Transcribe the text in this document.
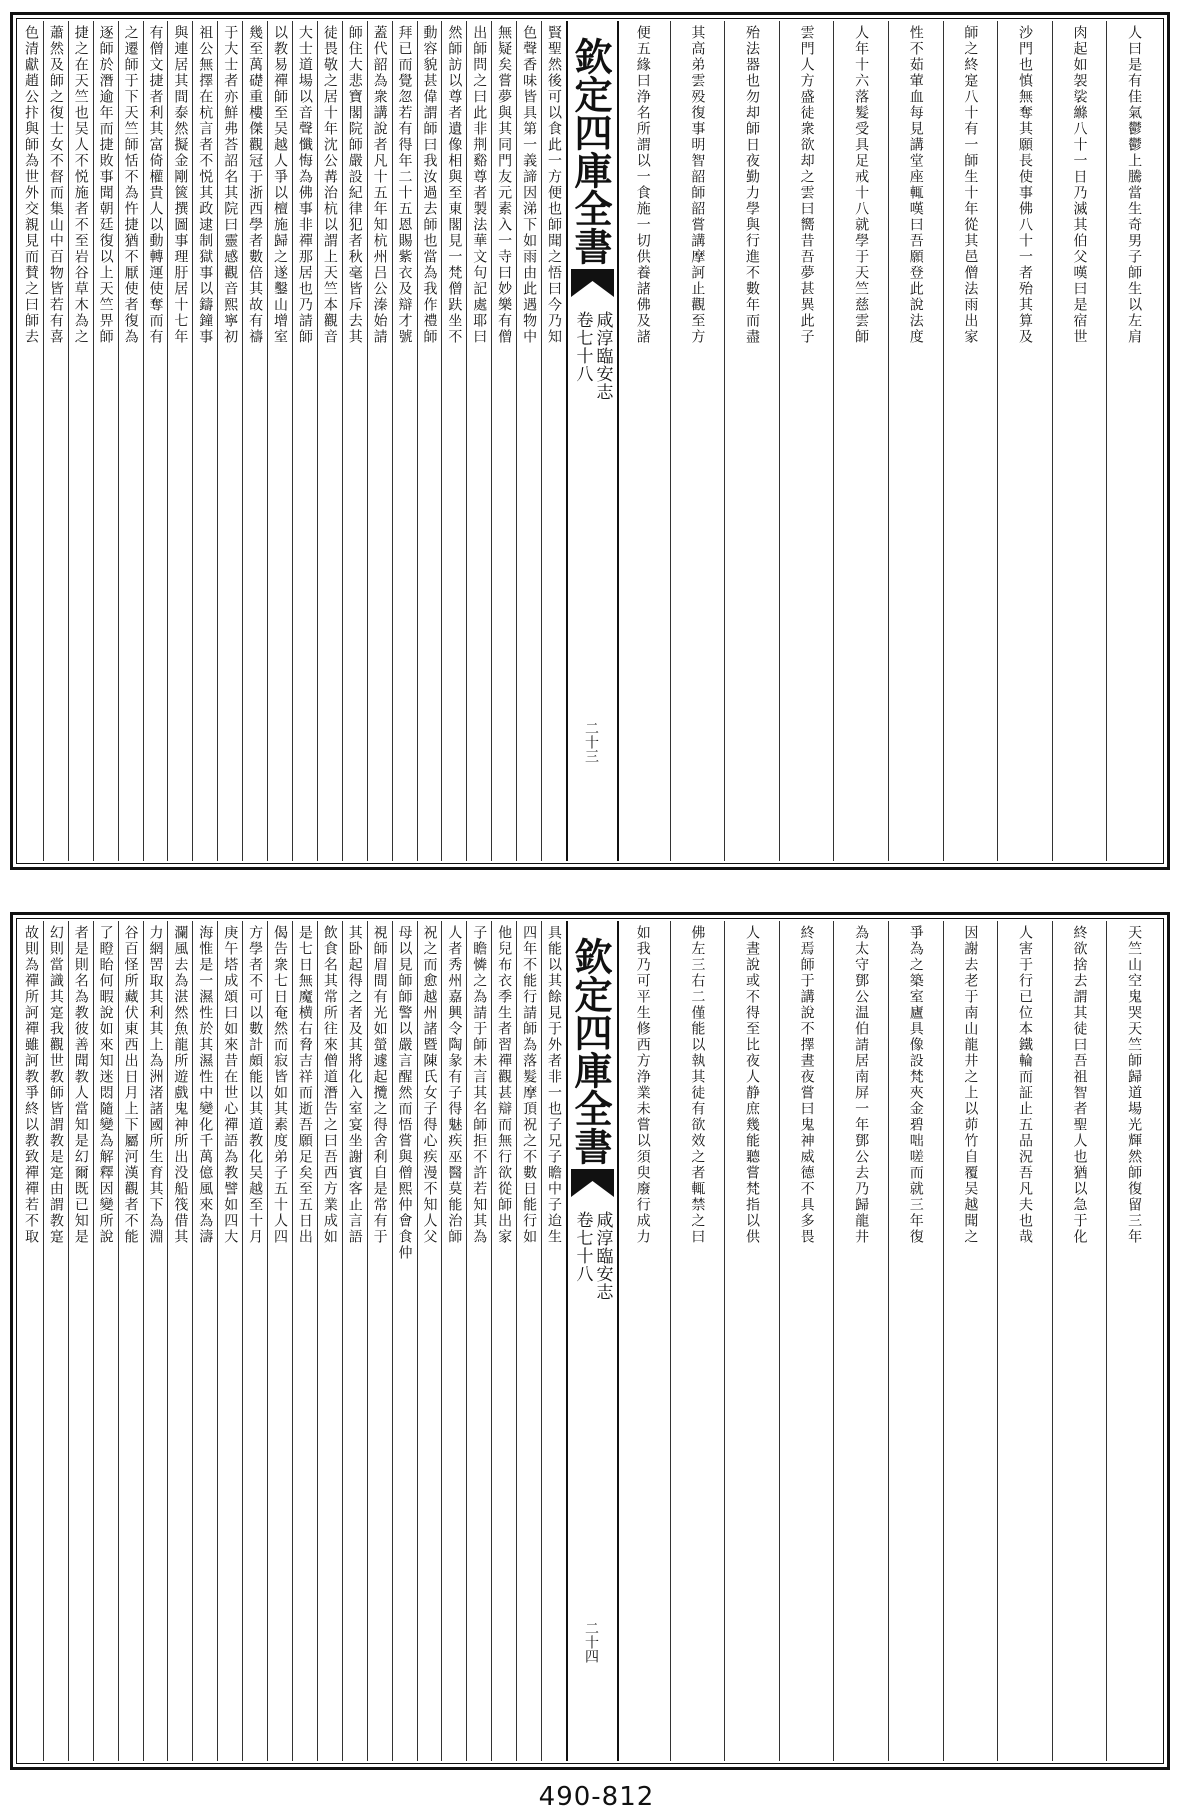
色清獻趙公抃與師為世外交親見而賛之曰師去 蕭然及師之復士女不督而集山中百物皆若有喜 捷之在天竺也吴人不悦施者不至岩谷草木為之 逐師於潛逾年而捷敗事聞朝廷復以上天竺畀師 之遷師于下天竺師恬不為忤捷猶不厭使者復為 有僧文捷者利其富倚權貴人以動轉運使奪而有 與連居其間泰然擬金剛篋撰圖事理䏏居十七年 祖公無擇在杭言者不悦其政逮制獄事以鑄鐘事 于大士者亦鮮弗荅詔名其院曰靈感觀音熙寧初 幾至萬礎重樓傑觀冠于浙西學者數倍其故有禱 以教易禪師至吴越人爭以檀施歸之遂鑿山增室 大士道場以音聲懺悔為佛事非禪那居也乃請師 徒畏敬之居十年沈公冓治杭以謂上天竺本觀音 師住大悲寶閣院師嚴設紀律犯者秋毫皆斥去其 蓋代韶為衆講說者凡十五年知杭州吕公溱始請 拜已而覺忽若有得年二十五恩賜紫衣及辯才號 動容貌甚偉謂師曰我汝過去師也當為我作禮師 然師訪以尊者遺像相與至東閣見一梵僧趺坐不 出師問之曰此非荆谿尊者製法華文句記處耶曰 無疑矣嘗夢與其同門友元素入一寺曰妙樂有僧 色聲香味皆具第一義諦因涕下如雨由此遇物中 賢聖然後可以食此一方便也師聞之悟曰今乃知 欽定四庫全書
咸淳臨安志
卷七十八
二十三
便五緣曰浄名所謂以一食施一切供養諸佛及諸	其高弟雲殁復事明智韶師韶嘗講摩訶止觀至方	殆法器也勿却師日夜勤力學與行進不數年而盡	雲門人方盛徒衆欲却之雲曰嚮昔吾夢甚異此子	人年十六落髮受具足戒十八就學于天竺慈雲師	性不茹葷血每見講堂座輒嘆曰吾願登此說法度	師之終寔八十有一師生十年從其邑僧法雨出家	沙門也慎無奪其願長使事佛八十一者殆其算及	肉起如袈裟縧八十一日乃滅其伯父嘆曰是宿世	人曰是有佳氣鬱鬱上騰當生奇男子師生以左肩
故則為禪所訶禪雖訶教爭終以教致禪禪若不取 幻則當識其寔我觀世教師皆謂教是寔由謂教寔 者是則名為教彼善聞教人當知是幻爾既已知是 了瞪眙何暇說如來知迷悶隨變為解釋因變所說 谷百怪所藏伏東西出日月上下屬河漢觀者不能 力網罟取其利其上為洲渚諸國所生育其下為淵 瀾風去為湛然魚龍所遊戲鬼神所出没船筏借其 海惟是一濕性於其濕性中變化千萬億風來為濤 庚午塔成頌曰如來昔在世心禪語為教譬如四大 方學者不可以數計頗能以其道教化吴越至十月 偈告衆七日奄然而寂皆如其素度弟子五十人四 是七日無魔横右脅吉祥而逝吾願足矣至五日出 飲食名其常所往來僧道潛告之曰吾西方業成如 其卧起得之者及其將化入室宴坐謝賓客止言語 視師眉間有光如螢遽起攬之得舍利自是常有于 母以見師師警以嚴言醒然而悟嘗與僧熙仲會食仲 祝之而愈越州諸暨陳氏女子得心疾漫不知人父 人者秀州嘉興令陶彖有子得魅疾巫醫莫能治師 子瞻憐之為請于師未言其名師拒不許若知其為 他兒布衣季生者習禪觀甚辯而無行欲從師出家 四年不能行請師為落髮摩頂祝之不數日能行如 具能以其餘見于外者非一也子兄子瞻中子迨生 欽定四庫全書
咸淳臨安志
卷七十八
二十四
如我乃可平生修西方浄業未嘗以須臾廢行成力	佛左三右二僅能以執其徒有欲效之者輒禁之曰	人晝說或不得至比夜人静庶幾能聽嘗梵指以供	終焉師于講說不擇晝夜嘗曰鬼神威德不具多畏	為太守鄧公温伯請居南屏一年鄧公去乃歸龍井	爭為之築室廬具像設梵夾金碧咄嗟而就三年復	因謝去老于南山龍井之上以茆竹自覆吴越聞之	人害于行已位本鐵輪而証止五品況吾凡夫也哉	終欲捨去謂其徒曰吾祖智者聖人也猶以急于化	天竺山空鬼哭天竺師歸道場光輝然師復留三年
490-812
